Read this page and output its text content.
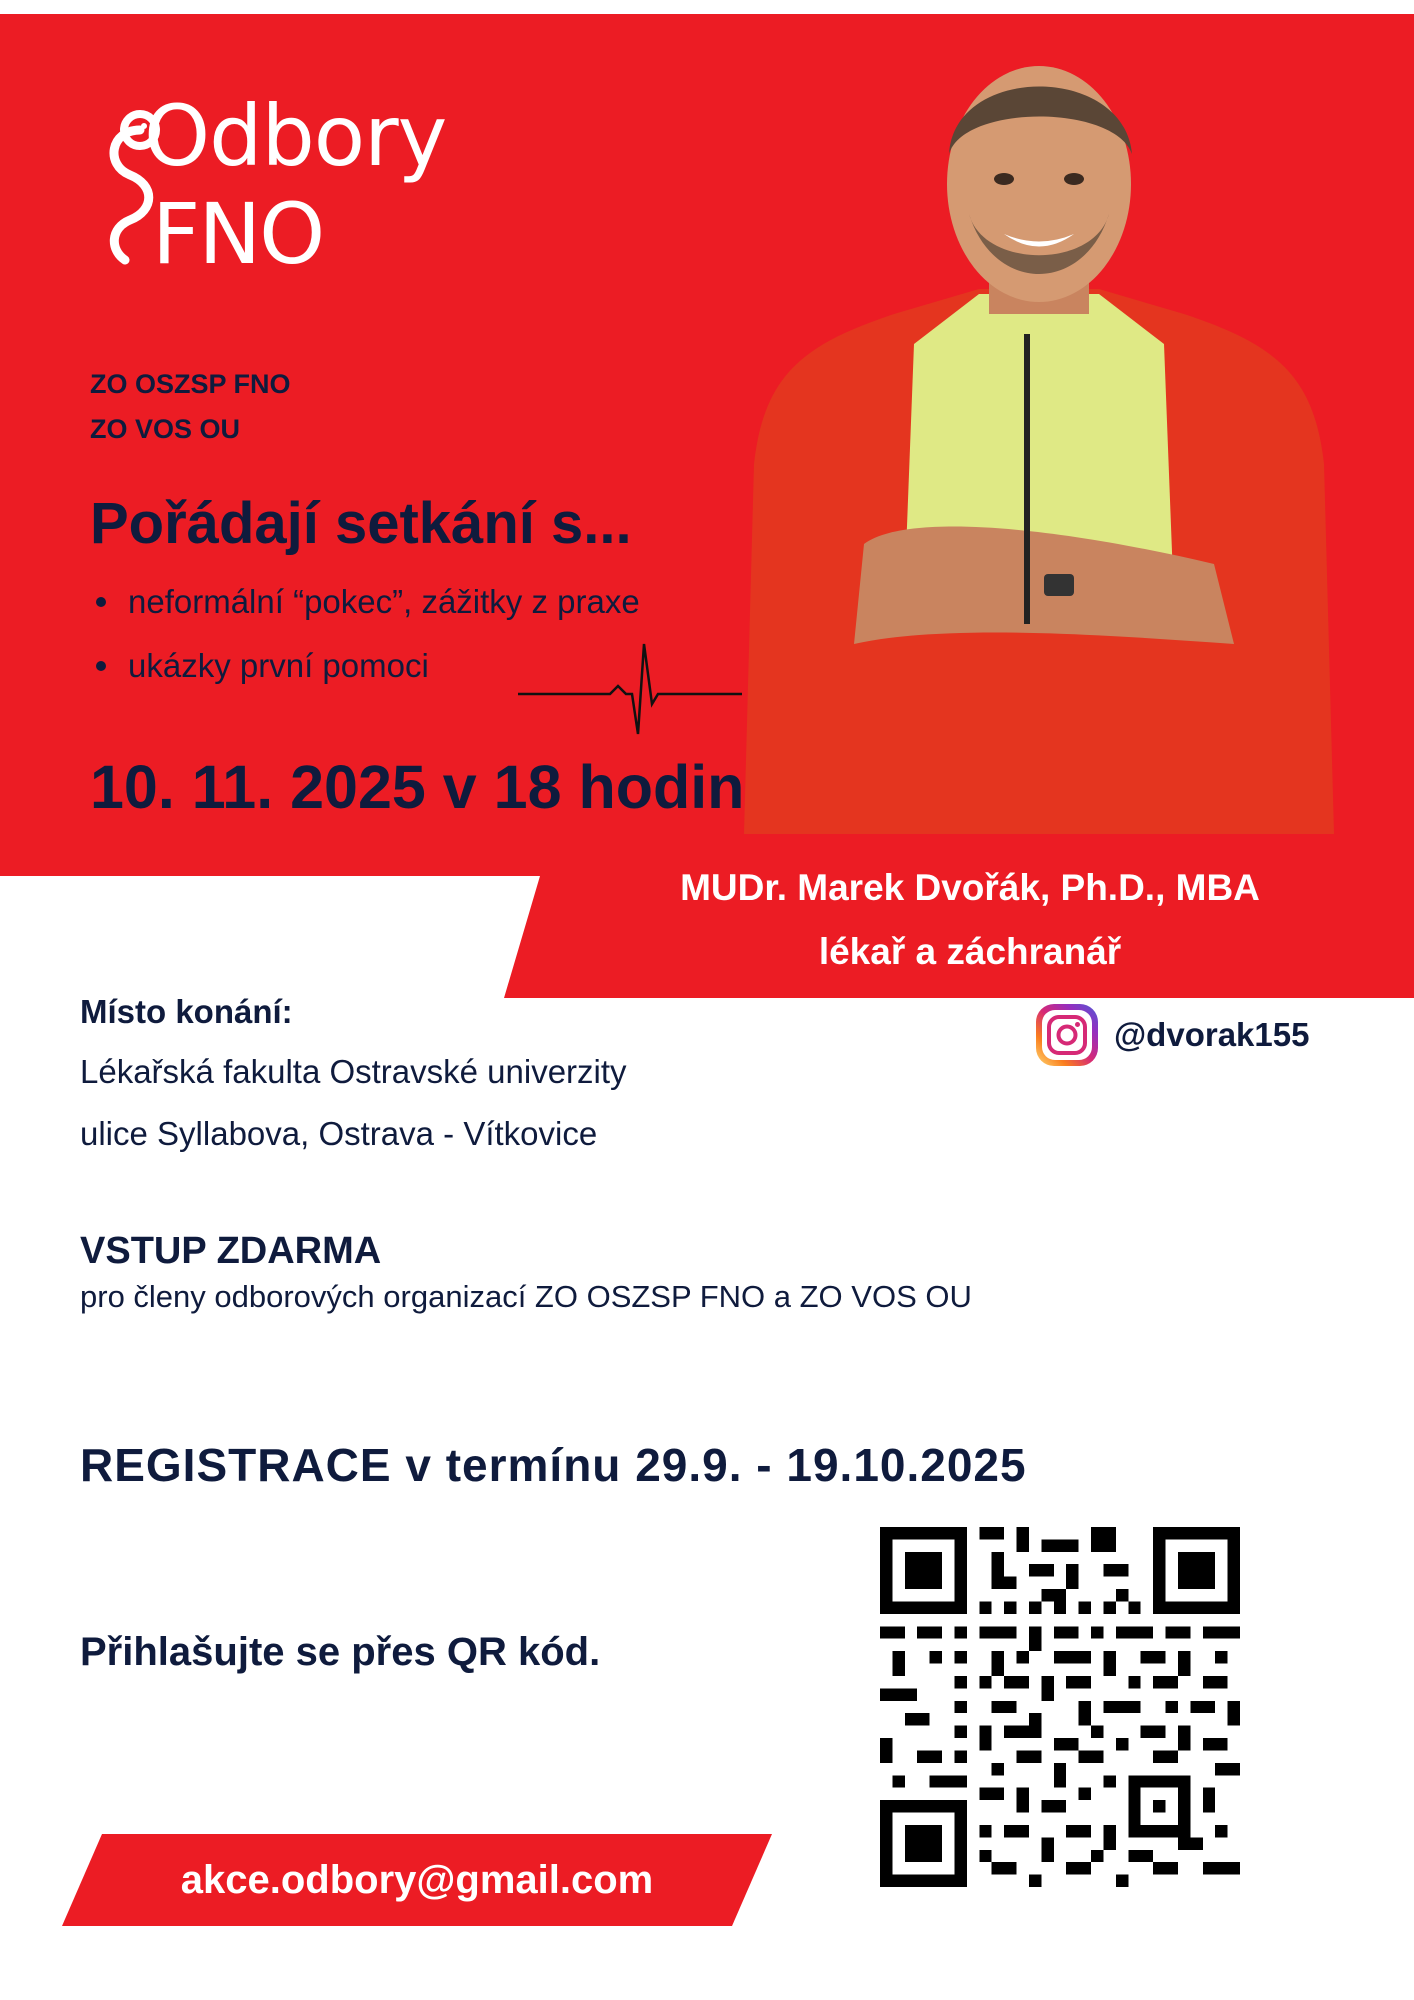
Odbory
FNO
ZO OSZSP FNO
ZO VOS OU
Pořádají setkání s...
neformální “pokec”, zážitky z praxe
ukázky první pomoci
10. 11. 2025 v 18 hodin
MUDr. Marek Dvořák, Ph.D., MBA
lékař a záchranář
Místo konání:
Lékařská fakulta Ostravské univerzity
ulice Syllabova, Ostrava - Vítkovice
@dvorak155
VSTUP ZDARMA
pro členy odborových organizací ZO OSZSP FNO a ZO VOS OU
REGISTRACE v termínu 29.9. - 19.10.2025
Přihlašujte se přes QR kód.
akce.odbory@gmail.com
